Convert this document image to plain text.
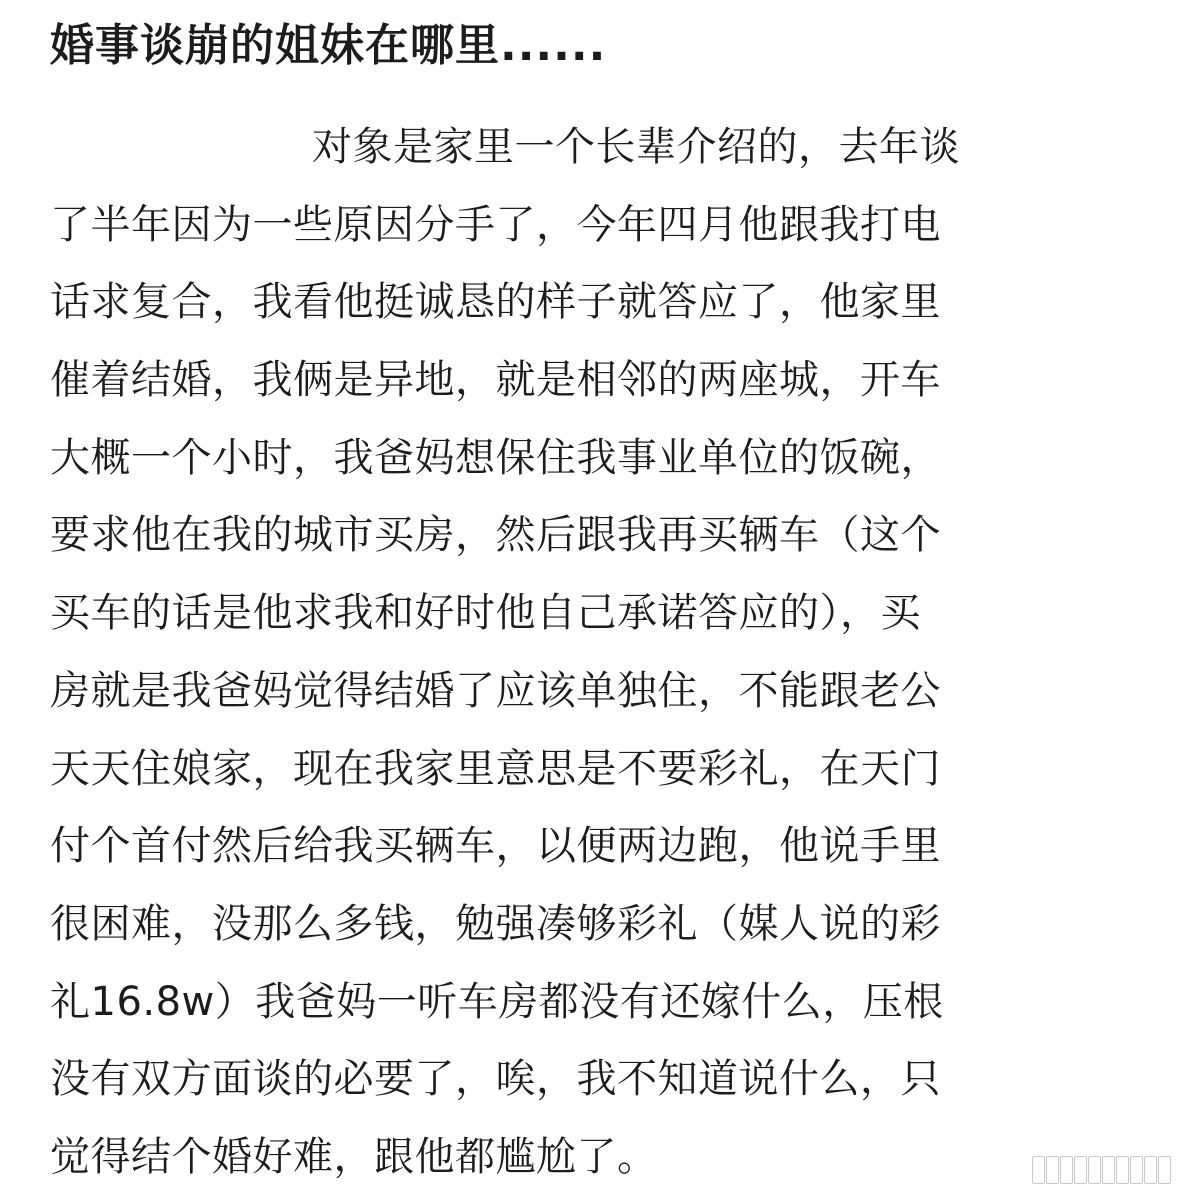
婚事谈崩的姐妹在哪里......
对象是家里一个长辈介绍的，去年谈
了半年因为一些原因分手了，今年四月他跟我打电
话求复合，我看他挺诚恳的样子就答应了，他家里
催着结婚，我俩是异地，就是相邻的两座城，开车
大概一个小时，我爸妈想保住我事业单位的饭碗，
要求他在我的城市买房，然后跟我再买辆车（这个
买车的话是他求我和好时他自己承诺答应的），买
房就是我爸妈觉得结婚了应该单独住，不能跟老公
天天住娘家，现在我家里意思是不要彩礼，在天门
付个首付然后给我买辆车，以便两边跑，他说手里
很困难，没那么多钱，勉强凑够彩礼（媒人说的彩
礼16.8w）我爸妈一听车房都没有还嫁什么，压根
没有双方面谈的必要了，唉，我不知道说什么，只
觉得结个婚好难，跟他都尴尬了。
